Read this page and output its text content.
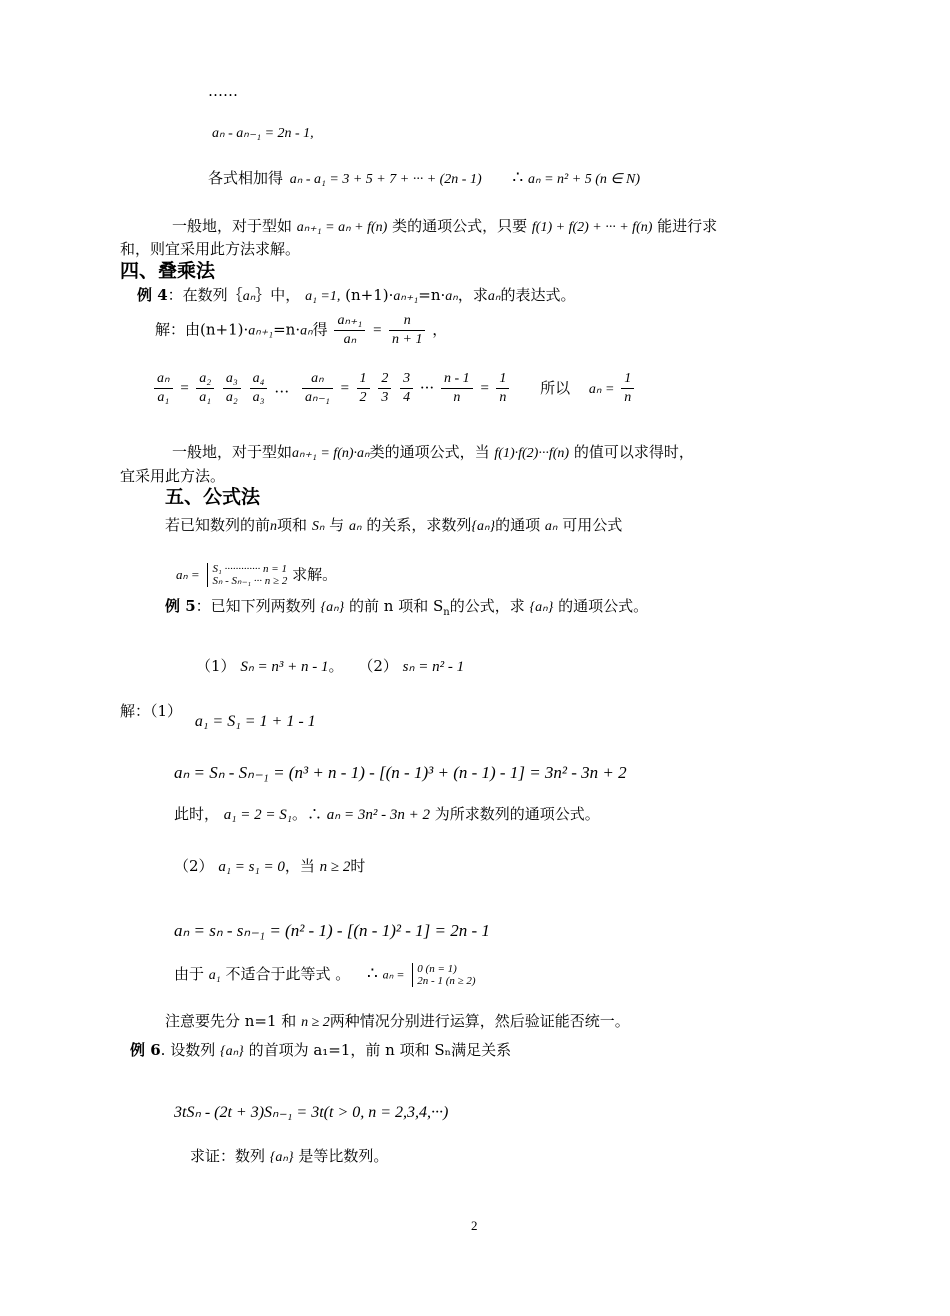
……
aₙ - aₙ₋₁ = 2n - 1,
各式相加得 aₙ - a₁ = 3 + 5 + 7 + ··· + (2n - 1) ∴ aₙ = n² + 5 (n ∈ N)
一般地，对于型如 aₙ₊₁ = aₙ + f(n) 类的通项公式，只要 f(1) + f(2) + ··· + f(n) 能进行求
和，则宜采用此方法求解。
四、叠乘法
例 4：在数列｛aₙ｝中， a₁ =1, (n+1)·aₙ₊₁=n·aₙ，求aₙ的表达式。
解：由(n+1)·aₙ₊₁=n·aₙ得 $\frac{\text{aₙ₊₁}}{\text{aₙ}} = \frac{n}{n + 1}$ ，
$\frac{\text{aₙ}}{\text{a₁}} = \frac{\text{a₂}}{\text{a₁}}$
$\frac{\text{a₃}}{\text{a₂}}$
$\frac{\text{a₄}}{\text{a₃}}$ … $\frac{\text{aₙ}}{\text{aₙ₋₁}} = \frac{1}{2}$
$\frac{2}{3}$
$\frac{3}{4}$ ··· $\frac{n - 1}{n} = \frac{1}{n}$ 所以 $a_n = \frac{1}{n}$
一般地，对于型如aₙ₊₁ = f(n)·aₙ类的通项公式，当 f(1)·f(2)···f(n) 的值可以求得时，
宜采用此方法。
五、公式法
若已知数列的前n项和 Sₙ 与 aₙ 的关系，求数列{aₙ}的通项 aₙ 可用公式
aₙ = S₁ ············· n = 1
Sₙ - Sₙ₋₁ ··· n ≥ 2 求解。
例 5：已知下列两数列 {aₙ} 的前 n 项和 $S_n$的公式，求 {aₙ} 的通项公式。
（1） Sₙ = n³ + n - 1。 （2） sₙ = n² - 1
解：（1） a₁ = S₁ = 1 + 1 - 1
aₙ = Sₙ - Sₙ₋₁ = (n³ + n - 1) - [(n - 1)³ + (n - 1) - 1] = 3n² - 3n + 2
此时， a₁ = 2 = S₁。∴ aₙ = 3n² - 3n + 2 为所求数列的通项公式。
（2） a₁ = s₁ = 0，当 n ≥ 2时
aₙ = sₙ - sₙ₋₁ = (n² - 1) - [(n - 1)² - 1] = 2n - 1
由于 a₁ 不适合于此等式 。 ∴ aₙ = 0 (n = 1)
2n - 1 (n ≥ 2)
注意要先分 n=1 和 n ≥ 2两种情况分别进行运算，然后验证能否统一。
例 6. 设数列 {aₙ} 的首项为 a₁=1，前 n 项和 Sₙ满足关系
3tSₙ - (2t + 3)Sₙ₋₁ = 3t(t > 0, n = 2,3,4,···)
求证：数列 {aₙ} 是等比数列。
2
